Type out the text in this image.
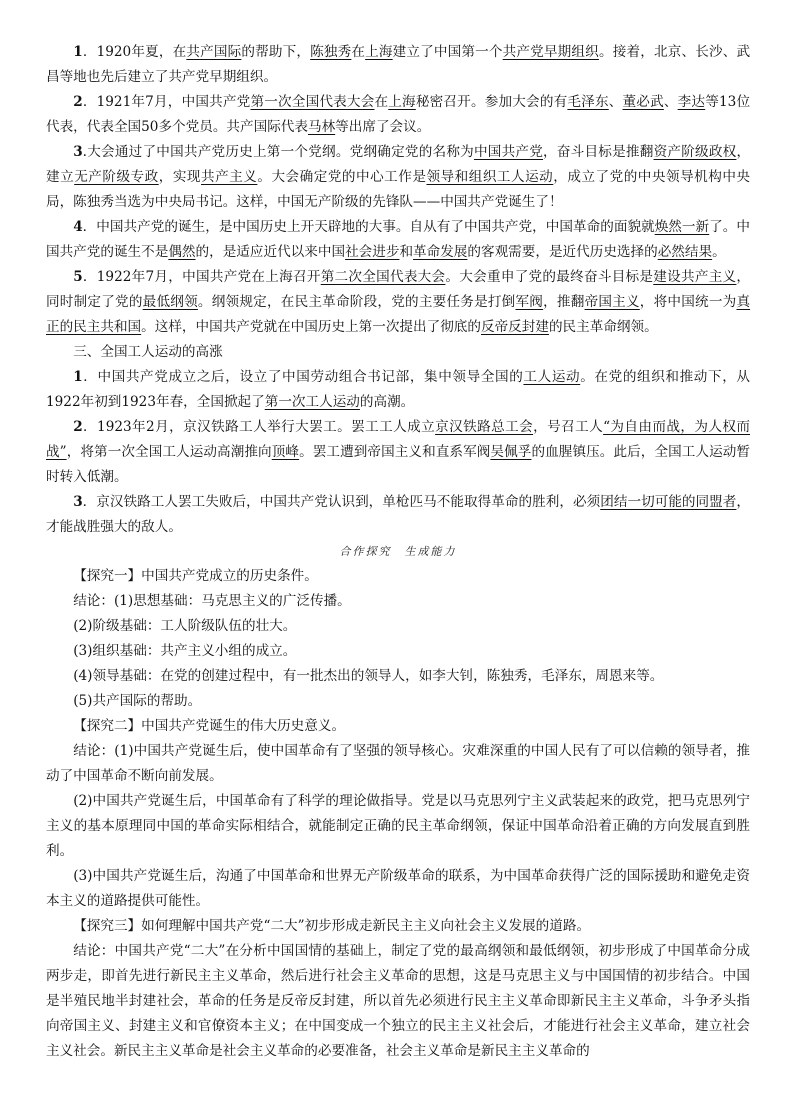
1．1920年夏，在共产国际的帮助下，陈独秀在上海建立了中国第一个共产党早期组织。接着，北京、长沙、武昌等地也先后建立了共产党早期组织。

2．1921年7月，中国共产党第一次全国代表大会在上海秘密召开。参加大会的有毛泽东、董必武、李达等13位代表，代表全国50多个党员。共产国际代表马林等出席了会议。

3.大会通过了中国共产党历史上第一个党纲。党纲确定党的名称为中国共产党，奋斗目标是推翻资产阶级政权，建立无产阶级专政，实现共产主义。大会确定党的中心工作是领导和组织工人运动，成立了党的中央领导机构中央局，陈独秀当选为中央局书记。这样，中国无产阶级的先锋队——中国共产党诞生了！

4．中国共产党的诞生，是中国历史上开天辟地的大事。自从有了中国共产党，中国革命的面貌就焕然一新了。中国共产党的诞生不是偶然的，是适应近代以来中国社会进步和革命发展的客观需要，是近代历史选择的必然结果。

5．1922年7月，中国共产党在上海召开第二次全国代表大会。大会重申了党的最终奋斗目标是建设共产主义，同时制定了党的最低纲领。纲领规定，在民主革命阶段，党的主要任务是打倒军阀，推翻帝国主义，将中国统一为真正的民主共和国。这样，中国共产党就在中国历史上第一次提出了彻底的反帝反封建的民主革命纲领。

三、全国工人运动的高涨

1．中国共产党成立之后，设立了中国劳动组合书记部，集中领导全国的工人运动。在党的组织和推动下，从1922年初到1923年春，全国掀起了第一次工人运动的高潮。

2．1923年2月，京汉铁路工人举行大罢工。罢工工人成立京汉铁路总工会，号召工人“为自由而战，为人权而战”，将第一次全国工人运动高潮推向顶峰。罢工遭到帝国主义和直系军阀吴佩孚的血腥镇压。此后，全国工人运动暂时转入低潮。

3．京汉铁路工人罢工失败后，中国共产党认识到，单枪匹马不能取得革命的胜利，必须团结一切可能的同盟者，才能战胜强大的敌人。

合作探究　生成能力

【探究一】中国共产党成立的历史条件。

结论：(1)思想基础：马克思主义的广泛传播。

(2)阶级基础：工人阶级队伍的壮大。

(3)组织基础：共产主义小组的成立。

(4)领导基础：在党的创建过程中，有一批杰出的领导人，如李大钊，陈独秀，毛泽东，周恩来等。

(5)共产国际的帮助。

【探究二】中国共产党诞生的伟大历史意义。

结论：(1)中国共产党诞生后，使中国革命有了坚强的领导核心。灾难深重的中国人民有了可以信赖的领导者，推动了中国革命不断向前发展。

(2)中国共产党诞生后，中国革命有了科学的理论做指导。党是以马克思列宁主义武装起来的政党，把马克思列宁主义的基本原理同中国的革命实际相结合，就能制定正确的民主革命纲领，保证中国革命沿着正确的方向发展直到胜利。

(3)中国共产党诞生后，沟通了中国革命和世界无产阶级革命的联系，为中国革命获得广泛的国际援助和避免走资本主义的道路提供可能性。

【探究三】如何理解中国共产党“二大”初步形成走新民主主义向社会主义发展的道路。

结论：中国共产党“二大”在分析中国国情的基础上，制定了党的最高纲领和最低纲领，初步形成了中国革命分成两步走，即首先进行新民主主义革命，然后进行社会主义革命的思想，这是马克思主义与中国国情的初步结合。中国是半殖民地半封建社会，革命的任务是反帝反封建，所以首先必须进行民主主义革命即新民主主义革命，斗争矛头指向帝国主义、封建主义和官僚资本主义；在中国变成一个独立的民主主义社会后，才能进行社会主义革命，建立社会主义社会。新民主主义革命是社会主义革命的必要准备，社会主义革命是新民主主义革命的
